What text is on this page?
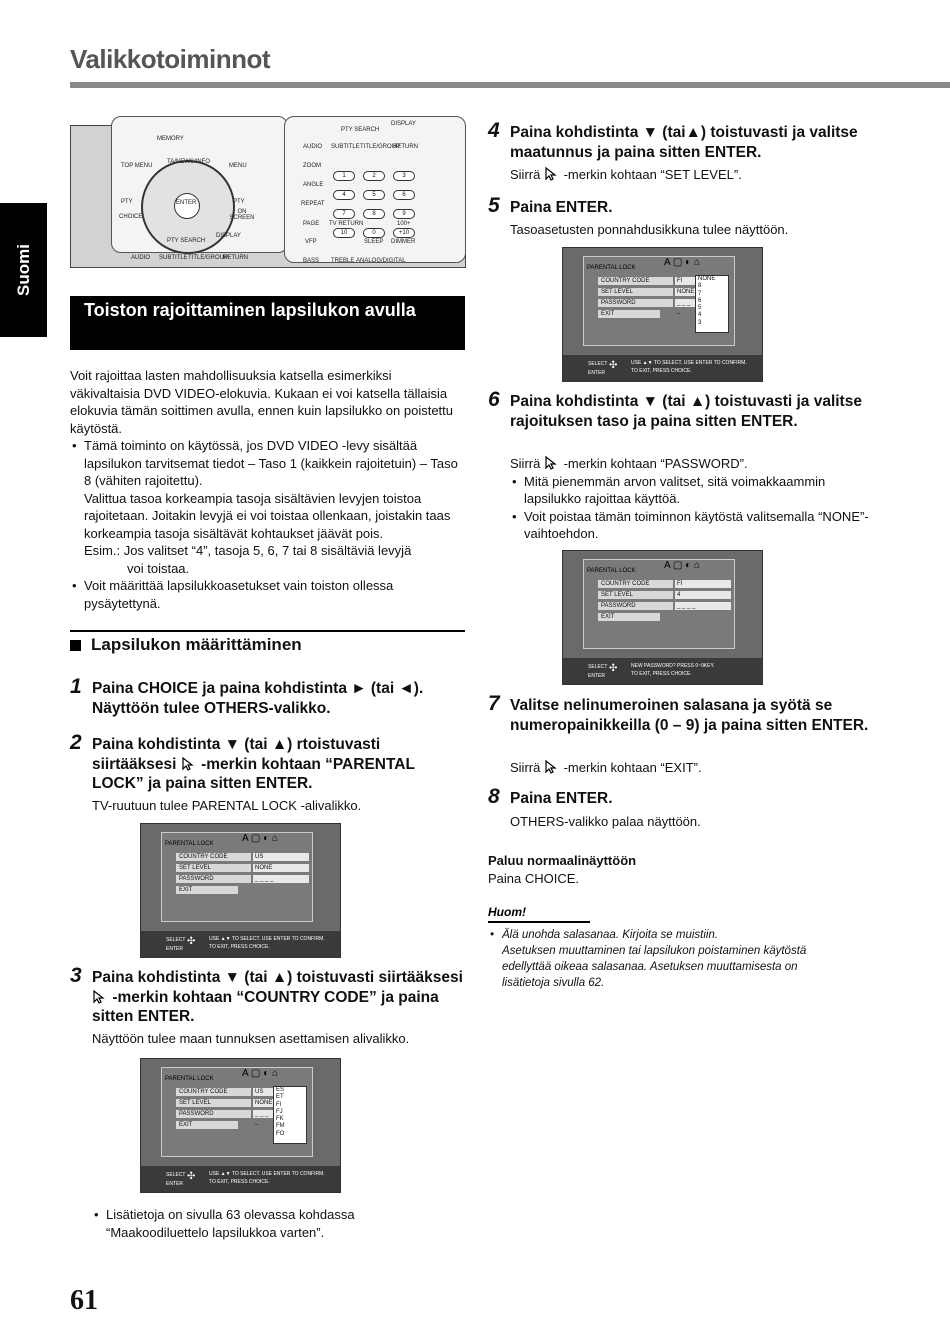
Valikkotoiminnot
Suomi
MEMORY
TOP MENU
TA/NEWS/INFO
MENU
ENTER
PTY	PTY
CHOICE
ON SCREEN
PTY SEARCH
DISPLAY
AUDIO SUBTITLE TITLE/GROUP
RETURN
PTY SEARCH
DISPLAY
AUDIO SUBTITLE TITLE/GROUP
RETURN
ZOOM
ANGLE
REPEAT
PAGE TV RETURN	100+
VFP	SLEEP DIMMER
BASS TREBLE ANALOG/DIGITAL
1	2	3
4	5	6
7	8	9
10	0	+10
Toiston rajoittaminen lapsilukon avulla
Voit rajoittaa lasten mahdollisuuksia katsella esimerkiksi väkivaltaisia DVD VIDEO-elokuvia. Kukaan ei voi katsella tällaisia elokuvia tämän soittimen avulla, ennen kuin lapsilukko on poistettu käytöstä.
• Tämä toiminto on käytössä, jos DVD VIDEO -levy sisältää lapsilukon tarvitsemat tiedot – Taso 1 (kaikkein rajoitetuin) – Taso 8 (vähiten rajoitettu).
Valittua tasoa korkeampia tasoja sisältävien levyjen toistoa rajoitetaan. Joitakin levyjä ei voi toistaa ollenkaan, joistakin taas korkeampia tasoja sisältävät kohtaukset jäävät pois.
Esim.: Jos valitset “4”, tasoja 5, 6, 7 tai 8 sisältäviä levyjä
voi toistaa.
• Voit määrittää lapsilukkoasetukset vain toiston ollessa pysäytettynä.
Lapsilukon määrittäminen
1 Paina CHOICE ja paina kohdistinta ► (tai ◄). Näyttöön tulee OTHERS-valikko.
2 Paina kohdistinta ▼ (tai ▲) rtoistuvasti siirtääksesi -merkin kohtaan “PARENTAL LOCK” ja paina sitten ENTER.
TV-ruutuun tulee PARENTAL LOCK -alivalikko.
PARENTAL LOCK	A ▢ ◐ ⌂
COUNTRY CODE	US
SET LEVEL	NONE
PASSWORD	_ _ _ _
EXIT
SELECT
ENTER
✣	USE ▲▼ TO SELECT. USE ENTER TO CONFIRM.
TO EXIT, PRESS CHOICE.
3 Paina kohdistinta ▼ (tai ▲) toistuvasti siirtääksesi  -merkin kohtaan “COUNTRY CODE” ja paina sitten ENTER.
Näyttöön tulee maan tunnuksen asettamisen alivalikko.
PARENTAL LOCK	A ▢ ◐ ⌂
COUNTRY CODE	US
SET LEVEL	NONE
PASSWORD	_ _ _ _
EXIT
ES
ET
FI
FJ
FK
FM
FO
SELECT
ENTER
✣	USE ▲▼ TO SELECT. USE ENTER TO CONFIRM.
TO EXIT, PRESS CHOICE.
• Lisätietoja on sivulla 63 olevassa kohdassa “Maakoodiluettelo lapsilukkoa varten”.
4 Paina kohdistinta ▼ (tai▲) toistuvasti ja valitse maatunnus ja paina sitten ENTER.
Siirrä -merkin kohtaan “SET LEVEL”.
5 Paina ENTER.
Tasoasetusten ponnahdusikkuna tulee näyttöön.
PARENTAL LOCK	A ▢ ◐ ⌂
COUNTRY CODE	FI
SET LEVEL	NONE
PASSWORD	_ _ _ _
EXIT
NONE
8
7
6
5
4
3
SELECT
ENTER
✣	USE ▲▼ TO SELECT. USE ENTER TO CONFIRM.
TO EXIT, PRESS CHOICE.
6 Paina kohdistinta ▼ (tai ▲) toistuvasti ja valitse rajoituksen taso ja paina sitten ENTER.
Siirrä -merkin kohtaan “PASSWORD”.
• Mitä pienemmän arvon valitset, sitä voimakkaammin lapsilukko rajoittaa käyttöä.
• Voit poistaa tämän toiminnon käytöstä valitsemalla “NONE”-vaihtoehdon.
PARENTAL LOCK	A ▢ ◐ ⌂
COUNTRY CODE	FI
SET LEVEL	4
PASSWORD	_ _ _ _
EXIT
SELECT
ENTER
✣	NEW PASSWORD? PRESS 0~9KEY.
TO EXIT, PRESS CHOICE.
7 Valitse nelinumeroinen salasana ja syötä se numeropainikkeilla (0 – 9) ja paina sitten ENTER.
Siirrä -merkin kohtaan “EXIT”.
8 Paina ENTER.
OTHERS-valikko palaa näyttöön.
Paluu normaalinäyttöön
Paina CHOICE.
Huom!
• Älä unohda salasanaa. Kirjoita se muistiin.
Asetuksen muuttaminen tai lapsilukon poistaminen käytöstä edellyttää oikeaa salasanaa. Asetuksen muuttamisesta on lisätietoja sivulla 62.
61
